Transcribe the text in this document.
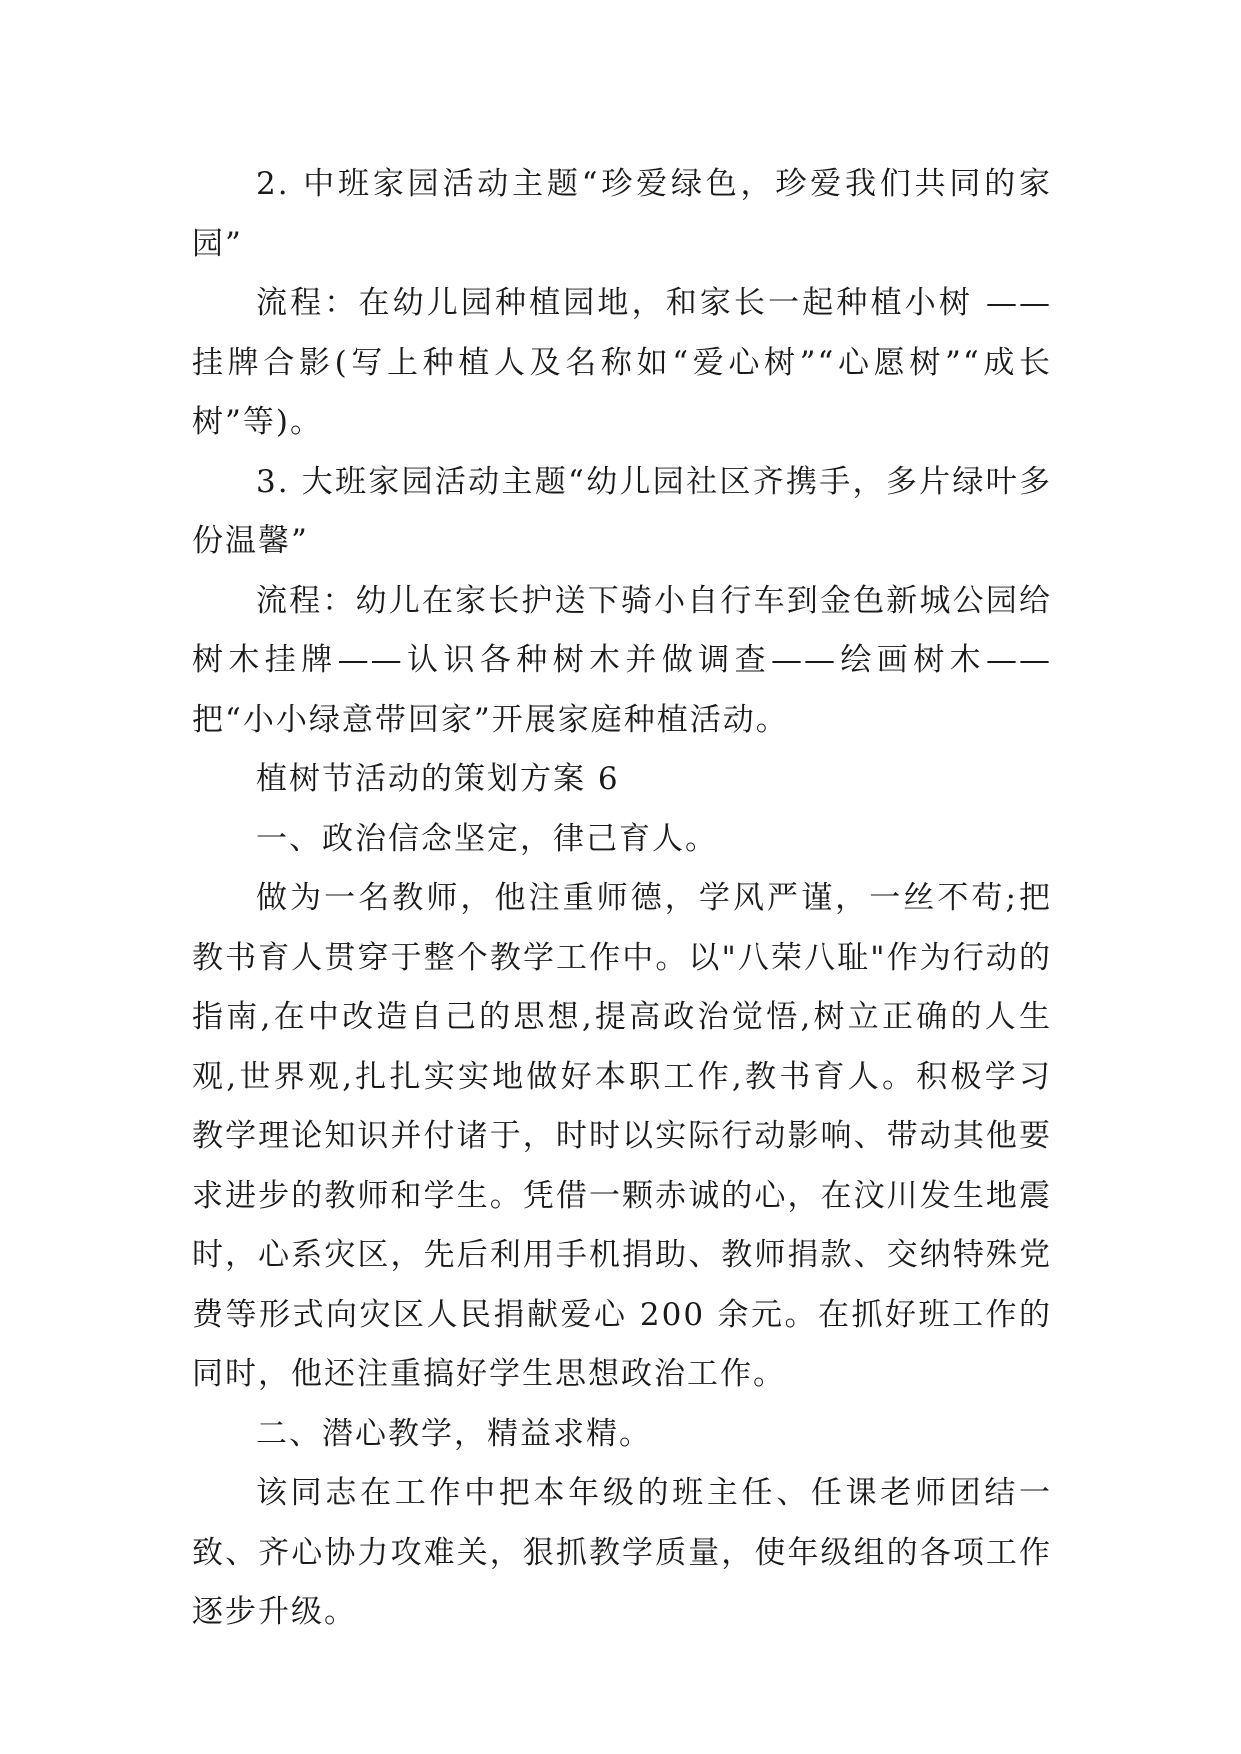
2. 中班家园活动主题“珍爱绿色，珍爱我们共同的家园”

流程：在幼儿园种植园地，和家长一起种植小树 ——挂牌合影(写上种植人及名称如“爱心树”“心愿树”“成长树”等)。

3. 大班家园活动主题“幼儿园社区齐携手，多片绿叶多份温馨”

流程：幼儿在家长护送下骑小自行车到金色新城公园给树木挂牌——认识各种树木并做调查——绘画树木——把“小小绿意带回家”开展家庭种植活动。

植树节活动的策划方案 6

一、政治信念坚定，律己育人。

做为一名教师，他注重师德，学风严谨，一丝不苟;把教书育人贯穿于整个教学工作中。以"八荣八耻"作为行动的指南,在中改造自己的思想,提高政治觉悟,树立正确的人生观,世界观,扎扎实实地做好本职工作,教书育人。积极学习教学理论知识并付诸于，时时以实际行动影响、带动其他要求进步的教师和学生。凭借一颗赤诚的心，在汶川发生地震时，心系灾区，先后利用手机捐助、教师捐款、交纳特殊党费等形式向灾区人民捐献爱心 200 余元。在抓好班工作的同时，他还注重搞好学生思想政治工作。

二、潜心教学，精益求精。

该同志在工作中把本年级的班主任、任课老师团结一致、齐心协力攻难关，狠抓教学质量，使年级组的各项工作逐步升级。
